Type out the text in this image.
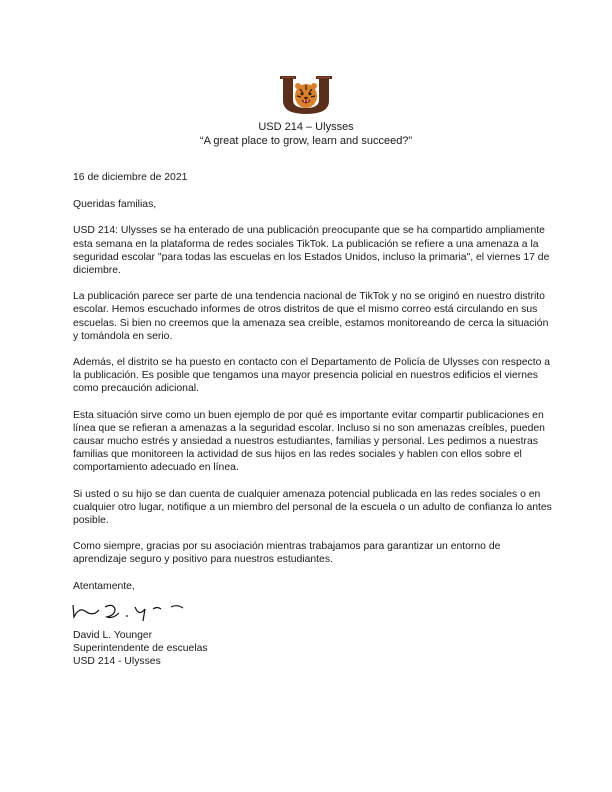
USD 214 – Ulysses
“A great place to grow, learn and succeed?”

16 de diciembre de 2021

Queridas familias,

USD 214: Ulysses se ha enterado de una publicación preocupante que se ha compartido ampliamente esta semana en la plataforma de redes sociales TikTok. La publicación se refiere a una amenaza a la seguridad escolar "para todas las escuelas en los Estados Unidos, incluso la primaria", el viernes 17 de diciembre.

La publicación parece ser parte de una tendencia nacional de TikTok y no se originó en nuestro distrito escolar. Hemos escuchado informes de otros distritos de que el mismo correo está circulando en sus escuelas. Si bien no creemos que la amenaza sea creíble, estamos monitoreando de cerca la situación y tomándola en serio.

Además, el distrito se ha puesto en contacto con el Departamento de Policía de Ulysses con respecto a la publicación. Es posible que tengamos una mayor presencia policial en nuestros edificios el viernes como precaución adicional.

Esta situación sirve como un buen ejemplo de por qué es importante evitar compartir publicaciones en línea que se refieran a amenazas a la seguridad escolar. Incluso si no son amenazas creíbles, pueden causar mucho estrés y ansiedad a nuestros estudiantes, familias y personal. Les pedimos a nuestras familias que monitoreen la actividad de sus hijos en las redes sociales y hablen con ellos sobre el comportamiento adecuado en línea.

Si usted o su hijo se dan cuenta de cualquier amenaza potencial publicada en las redes sociales o en cualquier otro lugar, notifique a un miembro del personal de la escuela o un adulto de confianza lo antes posible.

Como siempre, gracias por su asociación mientras trabajamos para garantizar un entorno de aprendizaje seguro y positivo para nuestros estudiantes.

Atentamente,
David L. Younger
Superintendente de escuelas
USD 214 - Ulysses
